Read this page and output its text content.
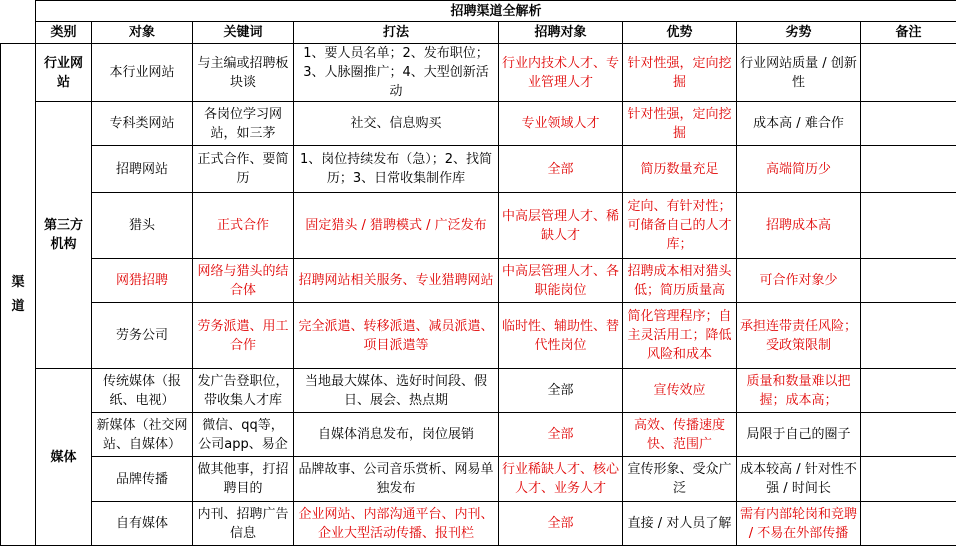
	招聘渠道全解析							
	类别	对象	关键词	打法	招聘对象	优势	劣势	备注
渠道	行业网站	本行业网站	与主编或招聘板块谈	1、要人员名单；2、发布职位；3、人脉圈推广；4、大型创新活动	行业内技术人才、专业管理人才	针对性强，定向挖掘	行业网站质量 / 创新性	
	第三方机构	专科类网站	各岗位学习网站，如三茅	社交、信息购买	专业领域人才	针对性强，定向挖掘	成本高 / 难合作	
		招聘网站	正式合作、要简历	1、岗位持续发布（急）；2、找简历；3、日常收集制作库	全部	简历数量充足	高端简历少	
		猎头	正式合作	固定猎头 / 猎聘模式 / 广泛发布	中高层管理人才、稀缺人才	定向、有针对性；可储备自己的人才库；	招聘成本高	
		网猎招聘	网络与猎头的结合体	招聘网站相关服务、专业猎聘网站	中高层管理人才、各职能岗位	招聘成本相对猎头低；简历质量高	可合作对象少	
		劳务公司	劳务派遣、用工合作	完全派遣、转移派遣、减员派遣、项目派遣等	临时性、辅助性、替代性岗位	简化管理程序；自主灵活用工；降低风险和成本	承担连带责任风险；受政策限制	
	媒体	传统媒体（报纸、电视）	发广告登职位，带收集人才库	当地最大媒体、选好时间段、假日、展会、热点期	全部	宣传效应	质量和数量难以把握；成本高；	
		新媒体（社交网站、自媒体）	微信、qq等，公司app、易企	自媒体消息发布，岗位展销	全部	高效、传播速度快、范围广	局限于自己的圈子	
		品牌传播	做其他事，打招聘目的	品牌故事、公司音乐赏析、网易单独发布	行业稀缺人才、核心人才、业务人才	宣传形象、受众广泛	成本较高 / 针对性不强 / 时间长	
		自有媒体	内刊、招聘广告信息	企业网站、内部沟通平台、内刊、企业大型活动传播、报刊栏	全部	直接 / 对人员了解	需有内部轮岗和竞聘 / 不易在外部传播	
